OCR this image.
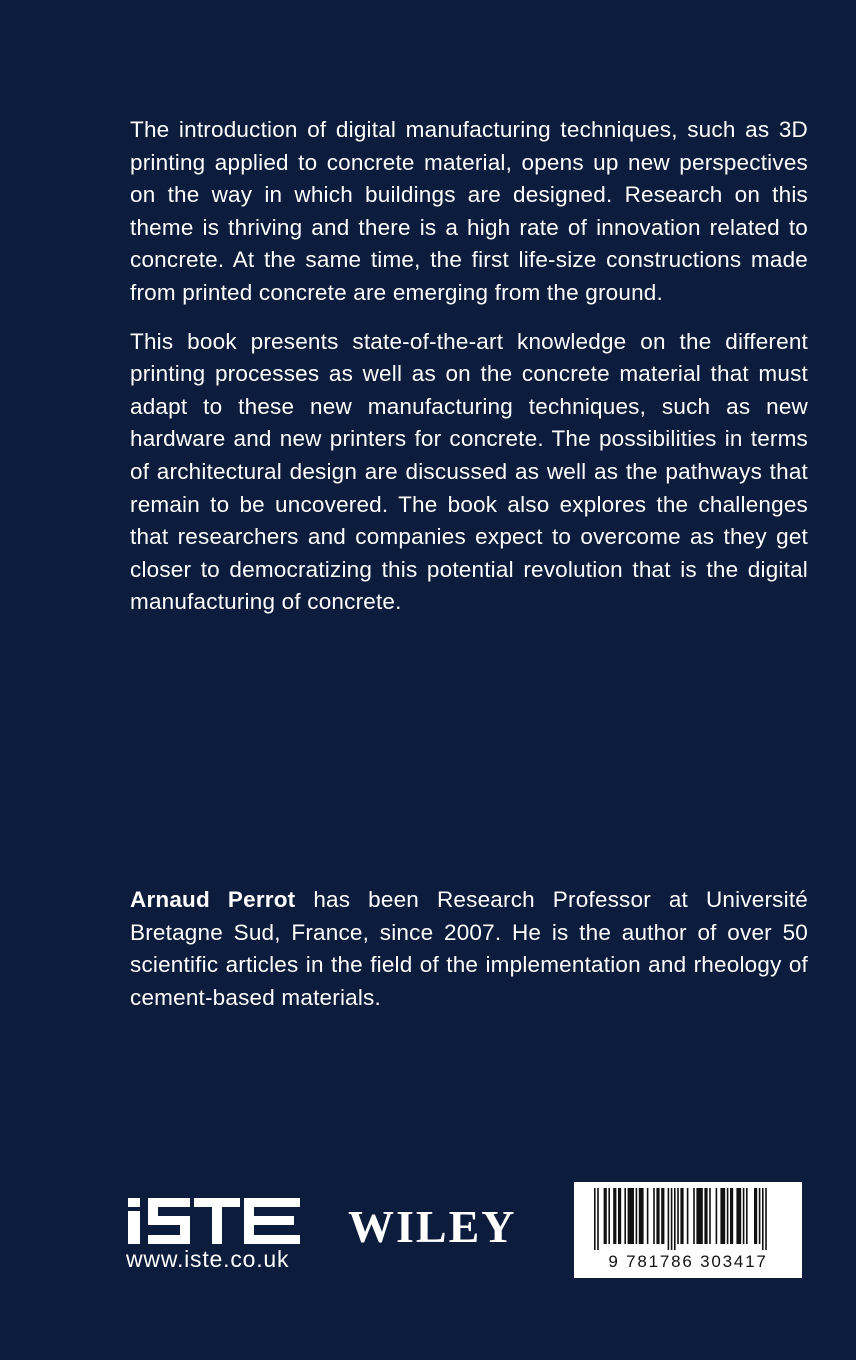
The introduction of digital manufacturing techniques, such as 3D printing applied to concrete material, opens up new perspectives on the way in which buildings are designed. Research on this theme is thriving and there is a high rate of innovation related to concrete. At the same time, the first life-size constructions made from printed concrete are emerging from the ground.

This book presents state-of-the-art knowledge on the different printing processes as well as on the concrete material that must adapt to these new manufacturing techniques, such as new hardware and new printers for concrete. The possibilities in terms of architectural design are discussed as well as the pathways that remain to be uncovered. The book also explores the challenges that researchers and companies expect to overcome as they get closer to democratizing this potential revolution that is the digital manufacturing of concrete.

Arnaud Perrot has been Research Professor at Université Bretagne Sud, France, since 2007. He is the author of over 50 scientific articles in the field of the implementation and rheology of cement-based materials.
www.iste.co.uk
WILEY
9 781786 303417
